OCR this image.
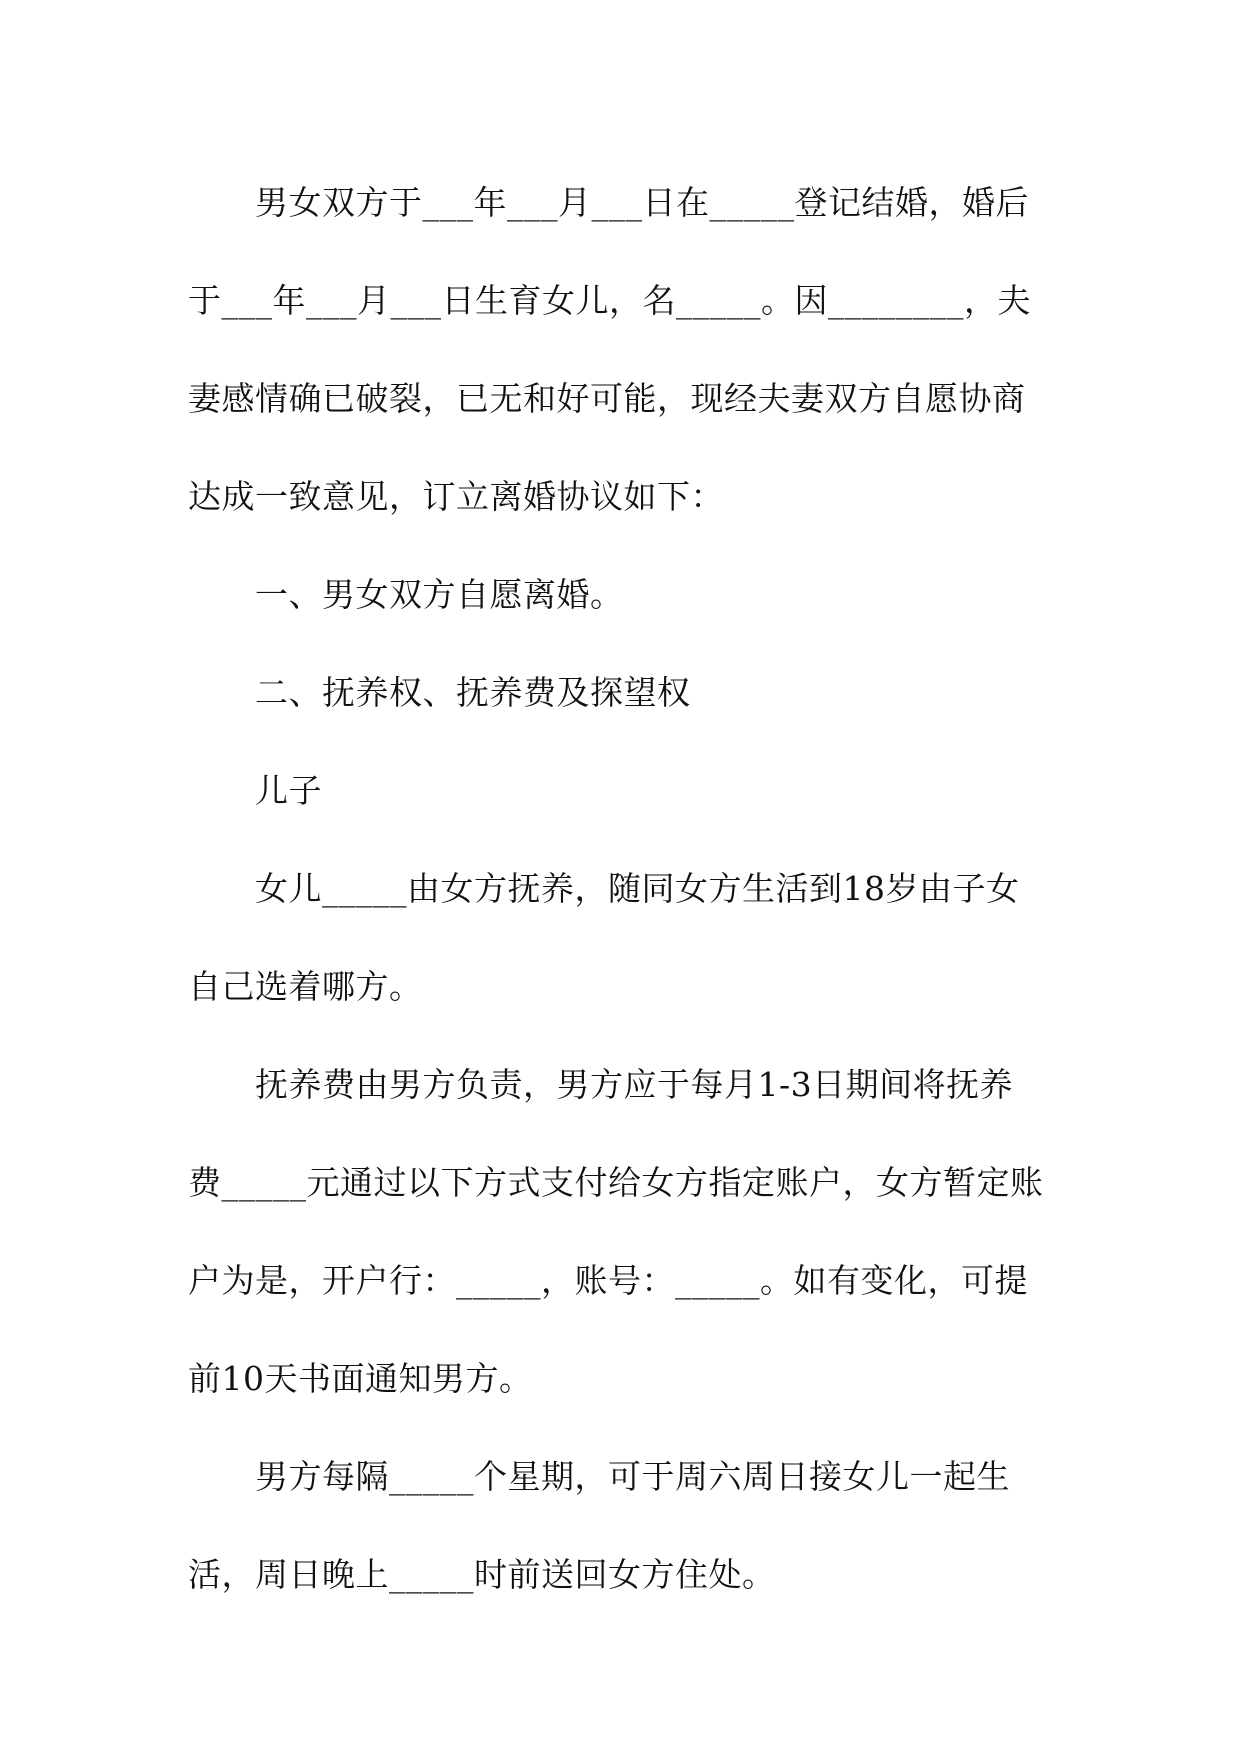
男女双方于___年___月___日在_____登记结婚，婚后
于___年___月___日生育女儿，名_____。因________，夫
妻感情确已破裂，已无和好可能，现经夫妻双方自愿协商
达成一致意见，订立离婚协议如下：
一、男女双方自愿离婚。
二、抚养权、抚养费及探望权
儿子
女儿_____由女方抚养，随同女方生活到18岁由子女
自己选着哪方。
抚养费由男方负责，男方应于每月1-3日期间将抚养
费_____元通过以下方式支付给女方指定账户，女方暂定账
户为是，开户行：_____，账号：_____。如有变化，可提
前10天书面通知男方。
男方每隔_____个星期，可于周六周日接女儿一起生
活，周日晚上_____时前送回女方住处。
